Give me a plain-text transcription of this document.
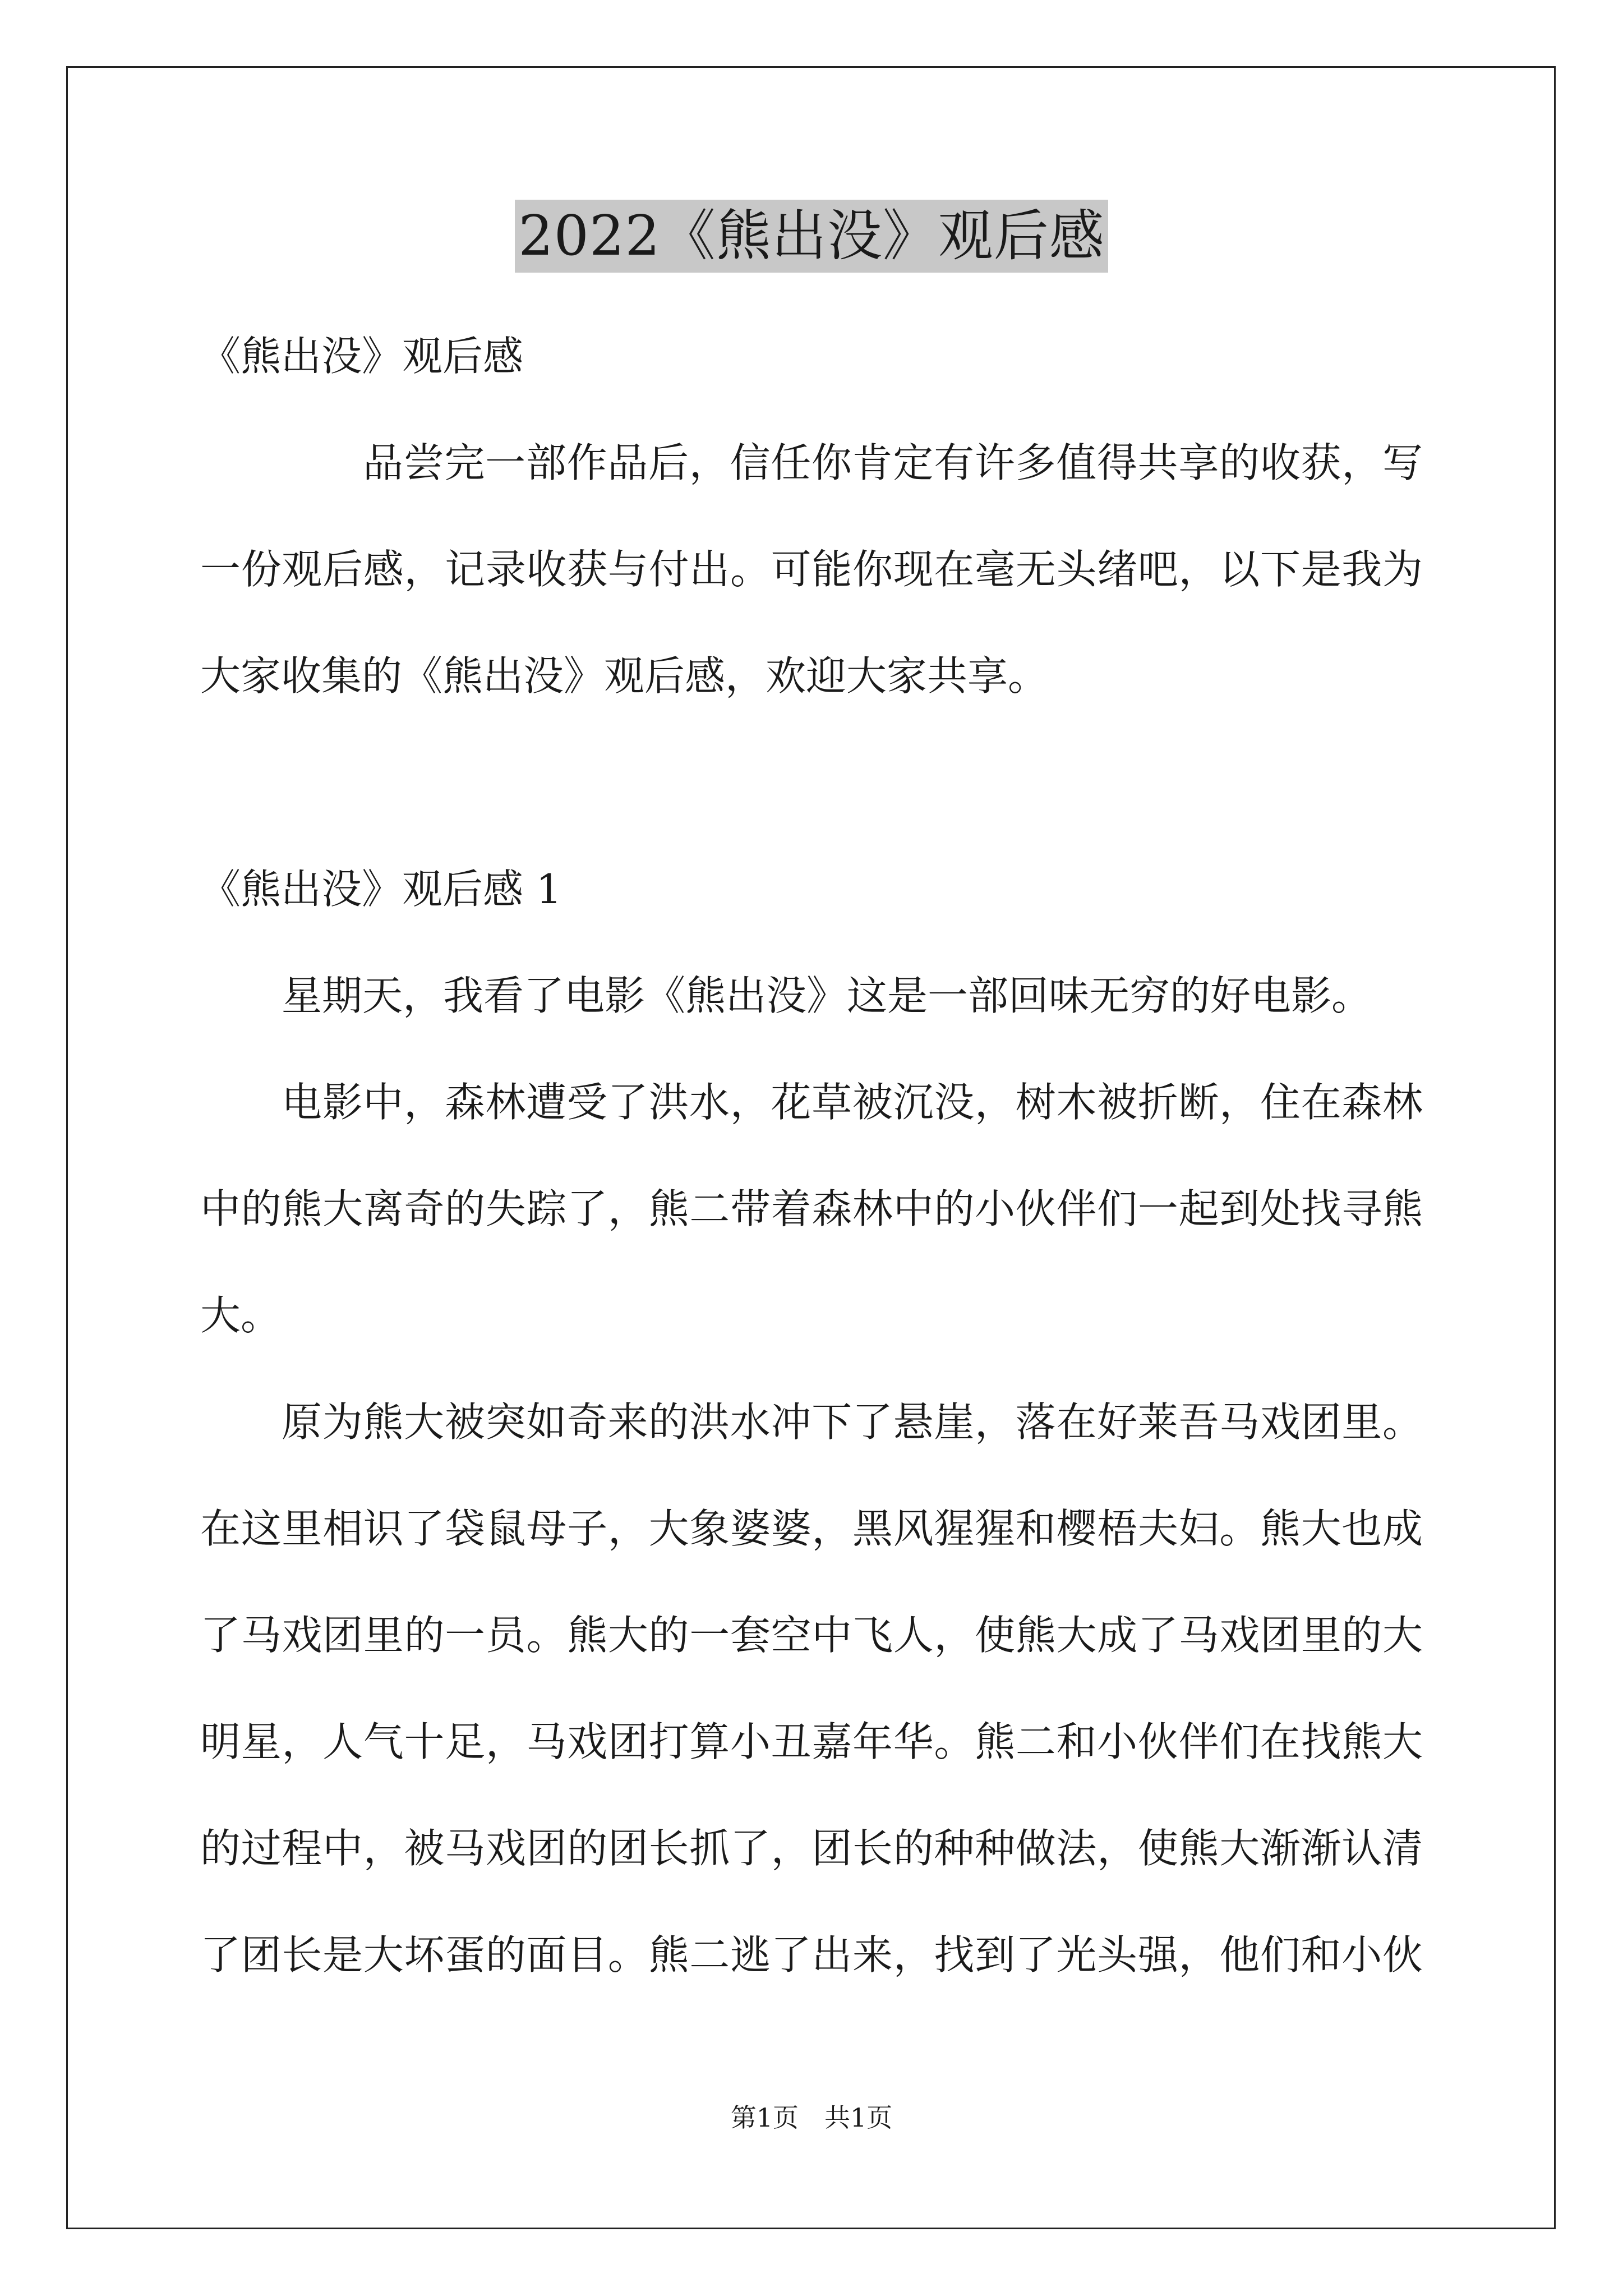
2022《熊出没》观后感
《熊出没》观后感
品尝完一部作品后，信任你肯定有许多值得共享的收获，写
一份观后感，记录收获与付出。可能你现在毫无头绪吧，以下是我为
大家收集的《熊出没》观后感，欢迎大家共享。
《熊出没》观后感 1
星期天，我看了电影《熊出没》这是一部回味无穷的好电影。
电影中，森林遭受了洪水，花草被沉没，树木被折断，住在森林
中的熊大离奇的失踪了，熊二带着森林中的小伙伴们一起到处找寻熊
大。
原为熊大被突如奇来的洪水冲下了悬崖，落在好莱吾马戏团里。
在这里相识了袋鼠母子，大象婆婆，黑风猩猩和樱梧夫妇。熊大也成
了马戏团里的一员。熊大的一套空中飞人，使熊大成了马戏团里的大
明星，人气十足，马戏团打算小丑嘉年华。熊二和小伙伴们在找熊大
的过程中，被马戏团的团长抓了，团长的种种做法，使熊大渐渐认清
了团长是大坏蛋的面目。熊二逃了出来，找到了光头强，他们和小伙
第1页 共1页
